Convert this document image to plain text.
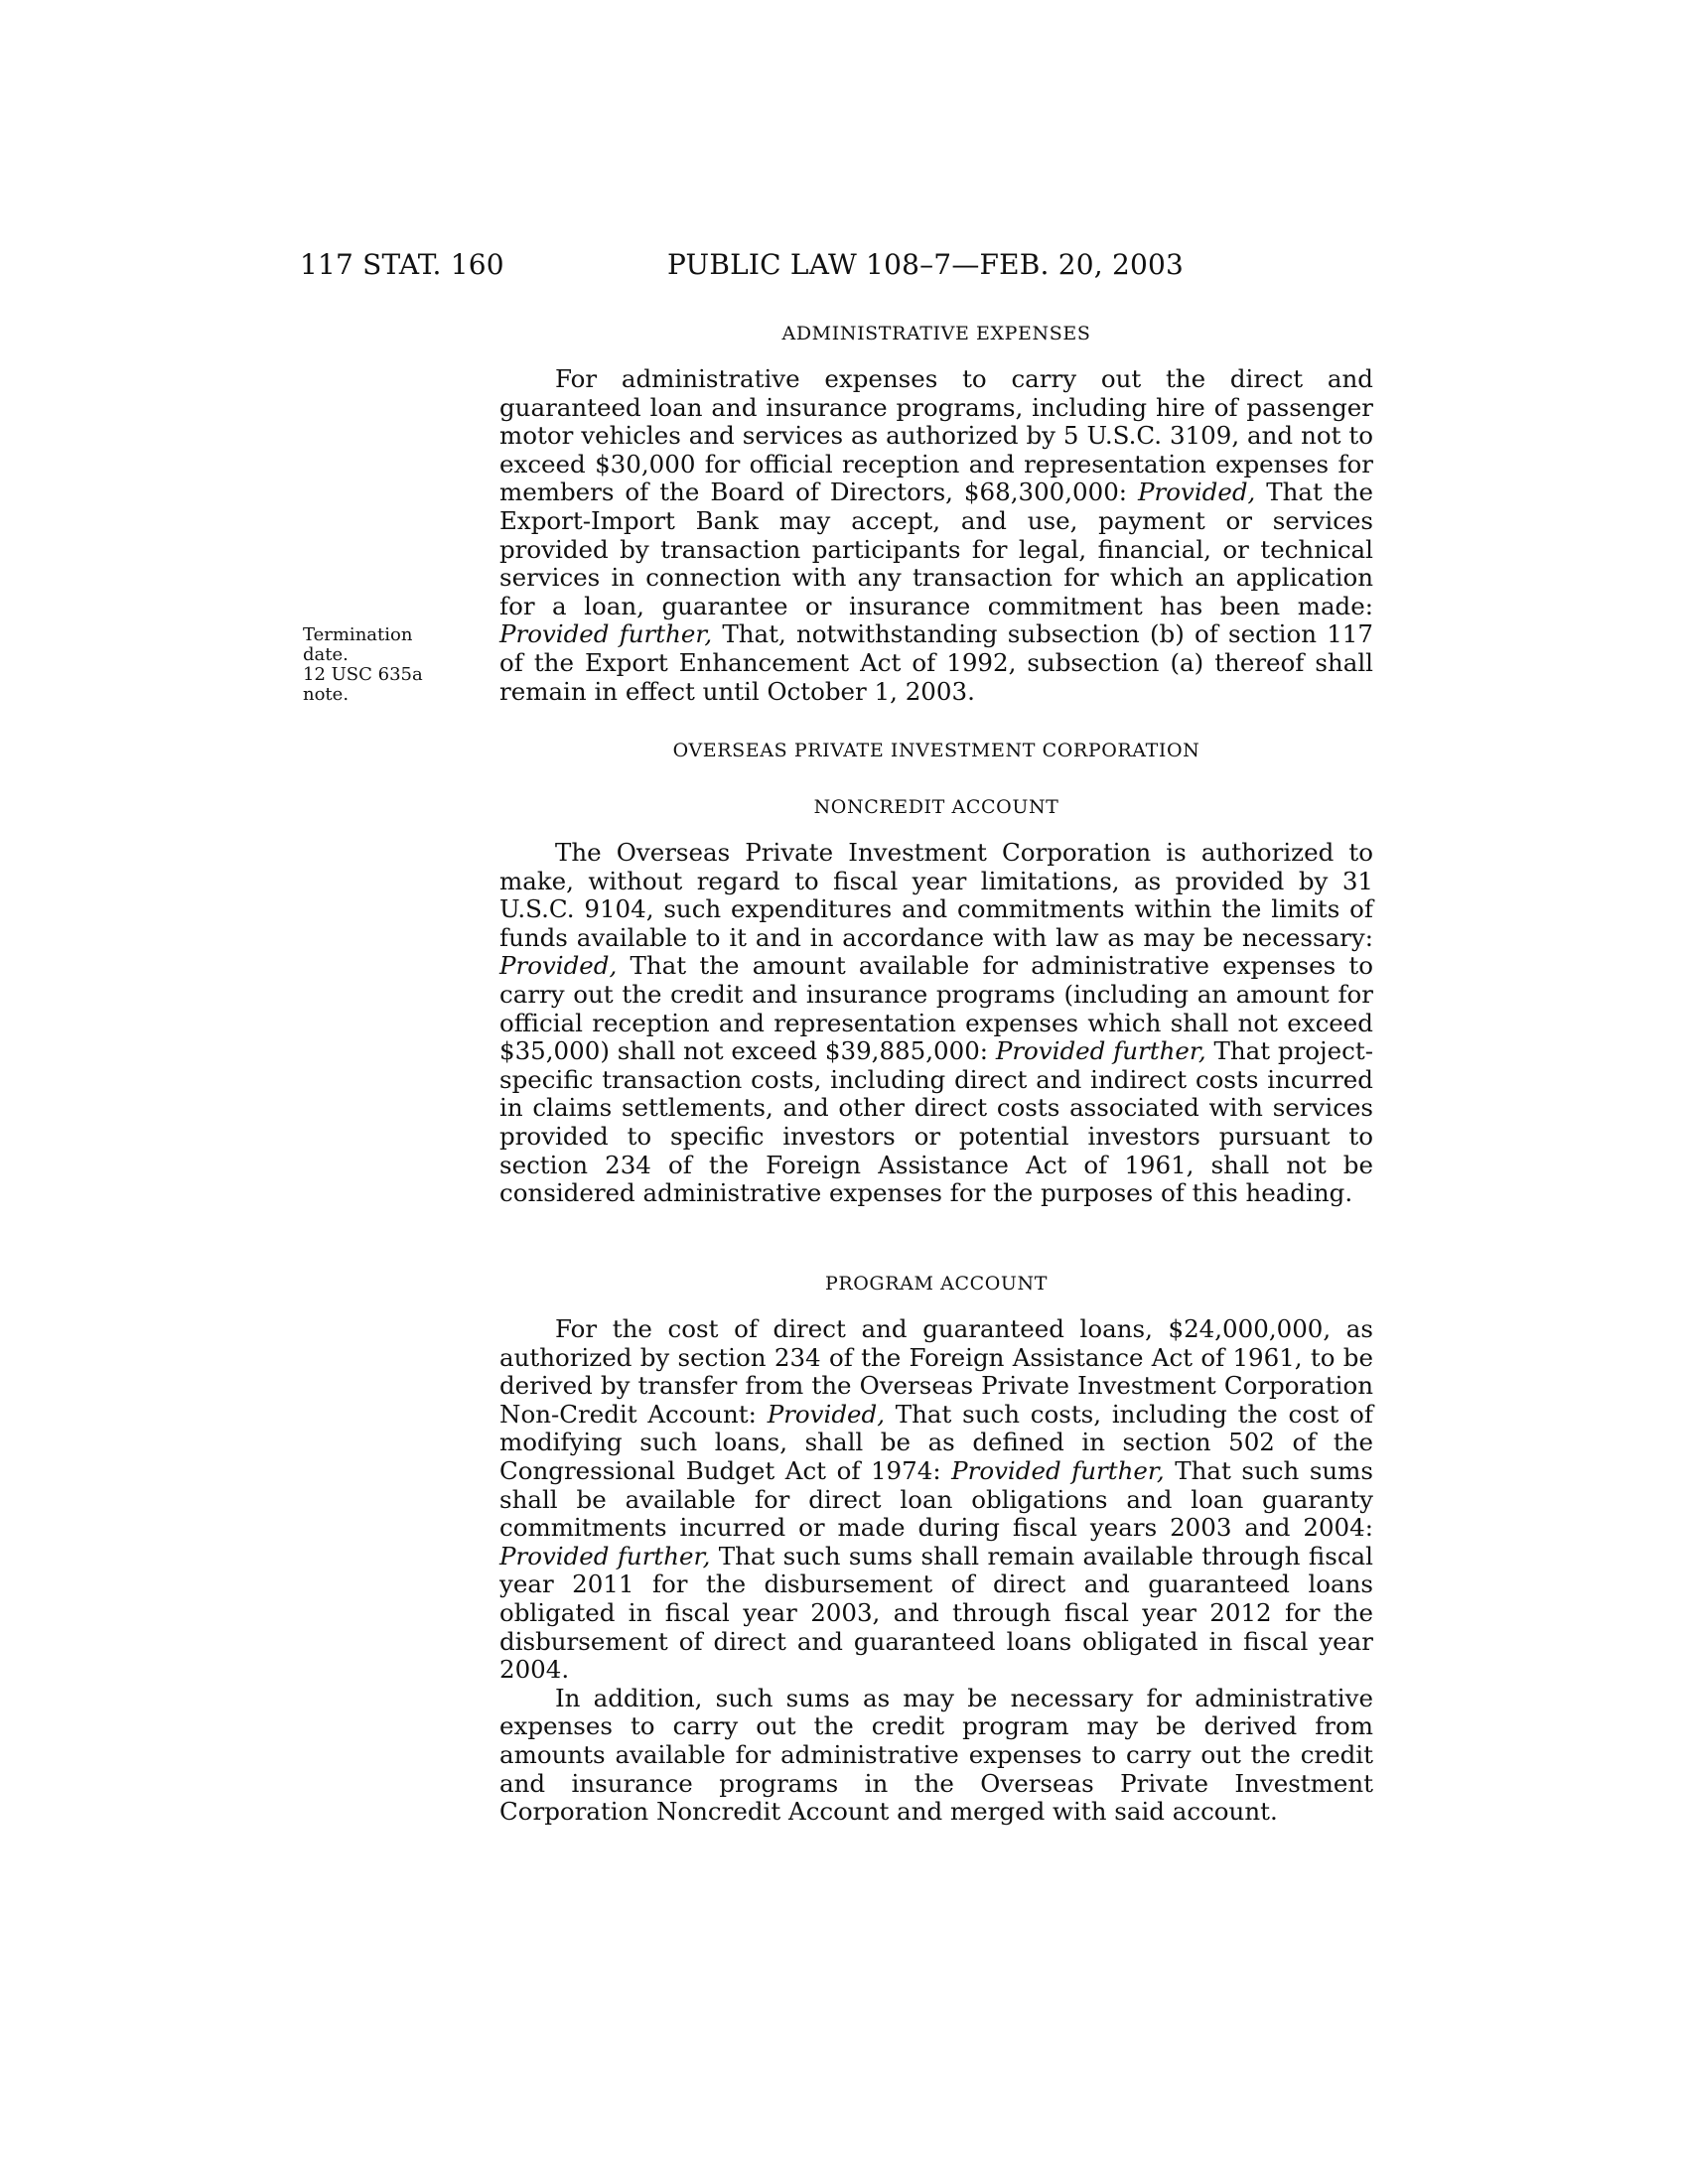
117 STAT. 160	PUBLIC LAW 108–7—FEB. 20, 2003
Termination
date.
12 USC 635a
note.
ADMINISTRATIVE EXPENSES

For administrative expenses to carry out the direct and guaranteed loan and insurance programs, including hire of passenger motor vehicles and services as authorized by 5 U.S.C. 3109, and not to exceed $30,000 for official reception and representation expenses for members of the Board of Directors, $68,300,000: Provided, That the Export-Import Bank may accept, and use, payment or services provided by transaction participants for legal, financial, or technical services in connection with any transaction for which an application for a loan, guarantee or insurance commitment has been made: Provided further, That, notwithstanding subsection (b) of section 117 of the Export Enhancement Act of 1992, subsection (a) thereof shall remain in effect until October 1, 2003.

OVERSEAS PRIVATE INVESTMENT CORPORATION
NONCREDIT ACCOUNT

The Overseas Private Investment Corporation is authorized to make, without regard to fiscal year limitations, as provided by 31 U.S.C. 9104, such expenditures and commitments within the limits of funds available to it and in accordance with law as may be necessary: Provided, That the amount available for administrative expenses to carry out the credit and insurance programs (including an amount for official reception and representation expenses which shall not exceed $35,000) shall not exceed $39,885,000: Provided further, That project-specific transaction costs, including direct and indirect costs incurred in claims settlements, and other direct costs associated with services provided to specific investors or potential investors pursuant to section 234 of the Foreign Assistance Act of 1961, shall not be considered administrative expenses for the purposes of this heading.

PROGRAM ACCOUNT

For the cost of direct and guaranteed loans, $24,000,000, as authorized by section 234 of the Foreign Assistance Act of 1961, to be derived by transfer from the Overseas Private Investment Corporation Non-Credit Account: Provided, That such costs, including the cost of modifying such loans, shall be as defined in section 502 of the Congressional Budget Act of 1974: Provided further, That such sums shall be available for direct loan obligations and loan guaranty commitments incurred or made during fiscal years 2003 and 2004: Provided further, That such sums shall remain available through fiscal year 2011 for the disbursement of direct and guaranteed loans obligated in fiscal year 2003, and through fiscal year 2012 for the disbursement of direct and guaranteed loans obligated in fiscal year 2004.

In addition, such sums as may be necessary for administrative expenses to carry out the credit program may be derived from amounts available for administrative expenses to carry out the credit and insurance programs in the Overseas Private Investment Corporation Noncredit Account and merged with said account.
